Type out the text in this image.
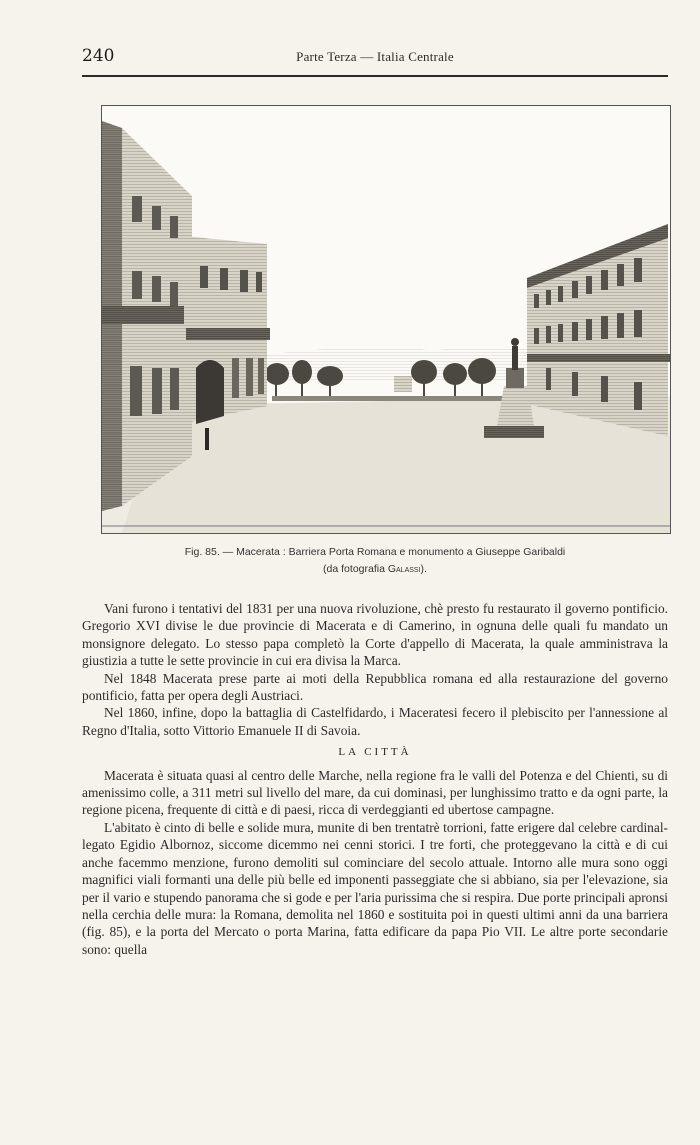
240	Parte Terza — Italia Centrale
Fig. 85. — Macerata : Barriera Porta Romana e monumento a Giuseppe Garibaldi
(da fotografia Galassi).

Vani furono i tentativi del 1831 per una nuova rivoluzione, chè presto fu restaurato il governo pontificio. Gregorio XVI divise le due provincie di Macerata e di Camerino, in ognuna delle quali fu mandato un monsignore delegato. Lo stesso papa completò la Corte d'appello di Macerata, la quale amministrava la giustizia a tutte le sette provincie in cui era divisa la Marca.

Nel 1848 Macerata prese parte ai moti della Repubblica romana ed alla restaurazione del governo pontificio, fatta per opera degli Austriaci.

Nel 1860, infine, dopo la battaglia di Castelfidardo, i Maceratesi fecero il plebiscito per l'annessione al Regno d'Italia, sotto Vittorio Emanuele II di Savoia.

LA CITTÀ

Macerata è situata quasi al centro delle Marche, nella regione fra le valli del Potenza e del Chienti, su di amenissimo colle, a 311 metri sul livello del mare, da cui dominasi, per lunghissimo tratto e da ogni parte, la regione picena, frequente di città e di paesi, ricca di verdeggianti ed ubertose campagne.

L'abitato è cinto di belle e solide mura, munite di ben trentatrè torrioni, fatte erigere dal celebre cardinal-legato Egidio Albornoz, siccome dicemmo nei cenni storici. I tre forti, che proteggevano la città e di cui anche facemmo menzione, furono demoliti sul cominciare del secolo attuale. Intorno alle mura sono oggi magnifici viali formanti una delle più belle ed imponenti passeggiate che si abbiano, sia per l'elevazione, sia per il vario e stupendo panorama che si gode e per l'aria purissima che si respira. Due porte principali apronsi nella cerchia delle mura: la Romana, demolita nel 1860 e sostituita poi in questi ultimi anni da una barriera (fig. 85), e la porta del Mercato o porta Marina, fatta edificare da papa Pio VII. Le altre porte secondarie sono: quella
